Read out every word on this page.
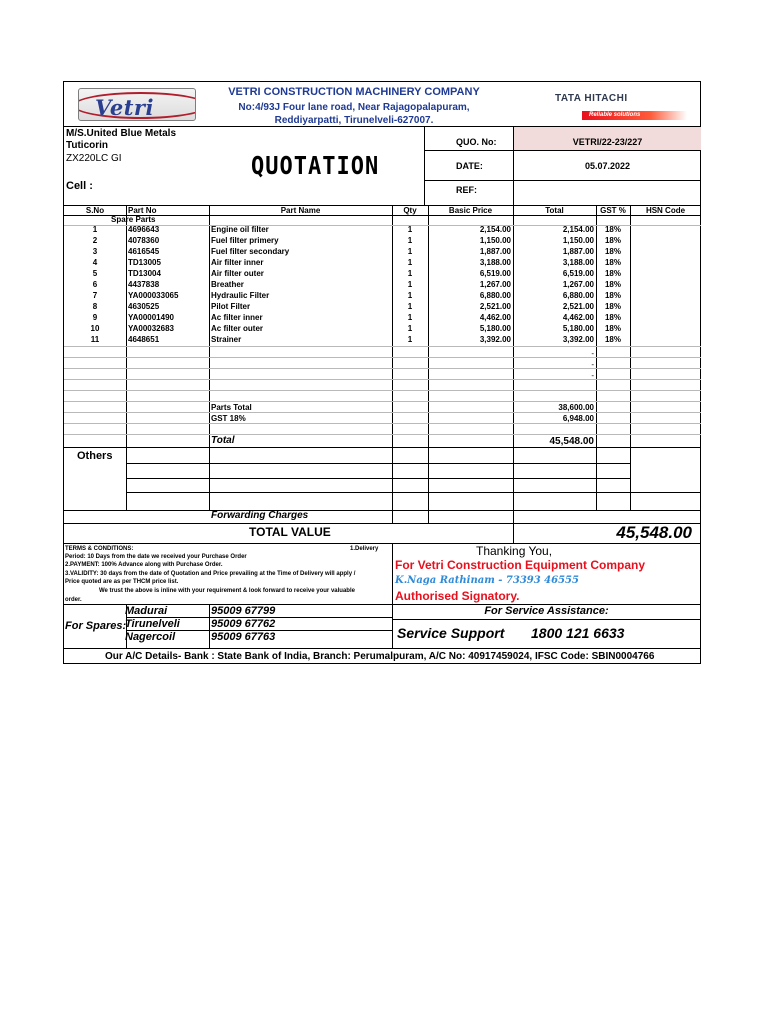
Vetri	TATA HITACHI
Reliable solutions
VETRI CONSTRUCTION MACHINERY COMPANY
No:4/93J Four lane road, Near Rajagopalapuram,
Reddiyarpatti, Tirunelveli-627007.
M/S.United Blue Metals
Tuticorin
ZX220LC GI
Cell :
QUOTATION
QUO. No:	VETRI/22-23/227
DATE:	05.07.2022
REF:
S.No	Part No	Part Name	Qty	Basic Price	Total	GST %	HSN Code
Spare Parts
1	4696643	Engine oil filter	1	2,154.00	2,154.00	18%
2	4078360	Fuel filter primery	1	1,150.00	1,150.00	18%
3	4616545	Fuel filter secondary	1	1,887.00	1,887.00	18%
4	TD13005	Air filter inner	1	3,188.00	3,188.00	18%
5	TD13004	Air filter outer	1	6,519.00	6,519.00	18%
6	4437838	Breather	1	1,267.00	1,267.00	18%
7	YA000033065	Hydraulic Filter	1	6,880.00	6,880.00	18%
8	4630525	Pilot Filter	1	2,521.00	2,521.00	18%
9	YA00001490	Ac filter inner	1	4,462.00	4,462.00	18%
10	YA00032683	Ac filter outer	1	5,180.00	5,180.00	18%
11	4648651	Strainer	1	3,392.00	3,392.00	18%
-
-
-
Parts Total	38,600.00
GST 18%	6,948.00
Total	45,548.00
Others
Forwarding Charges
TOTAL VALUE	45,548.00
TERMS & CONDITIONS:	1.Delivery
Period: 10 Days from the date we received your Purchase Order
2.PAYMENT: 100% Advance along with Purchase Order.
3.VALIDITY: 30 days from the date of Quotation and Price prevailing at the Time of Delivery will apply /
Price quoted are as per THCM price list.
We trust the above is inline with your requirement & look forward to receive your valuable
order.
Thanking You,
For Vetri Construction Equipment Company
K.Naga Rathinam - 73393 46555
Authorised Signatory.
For Spares:
Madurai	95009 67799
Tirunelveli	95009 67762
Nagercoil	95009 67763
For Service Assistance:
Service Support 1800 121 6633
Our A/C Details- Bank : State Bank of India, Branch: Perumalpuram, A/C No: 40917459024, IFSC Code: SBIN0004766
